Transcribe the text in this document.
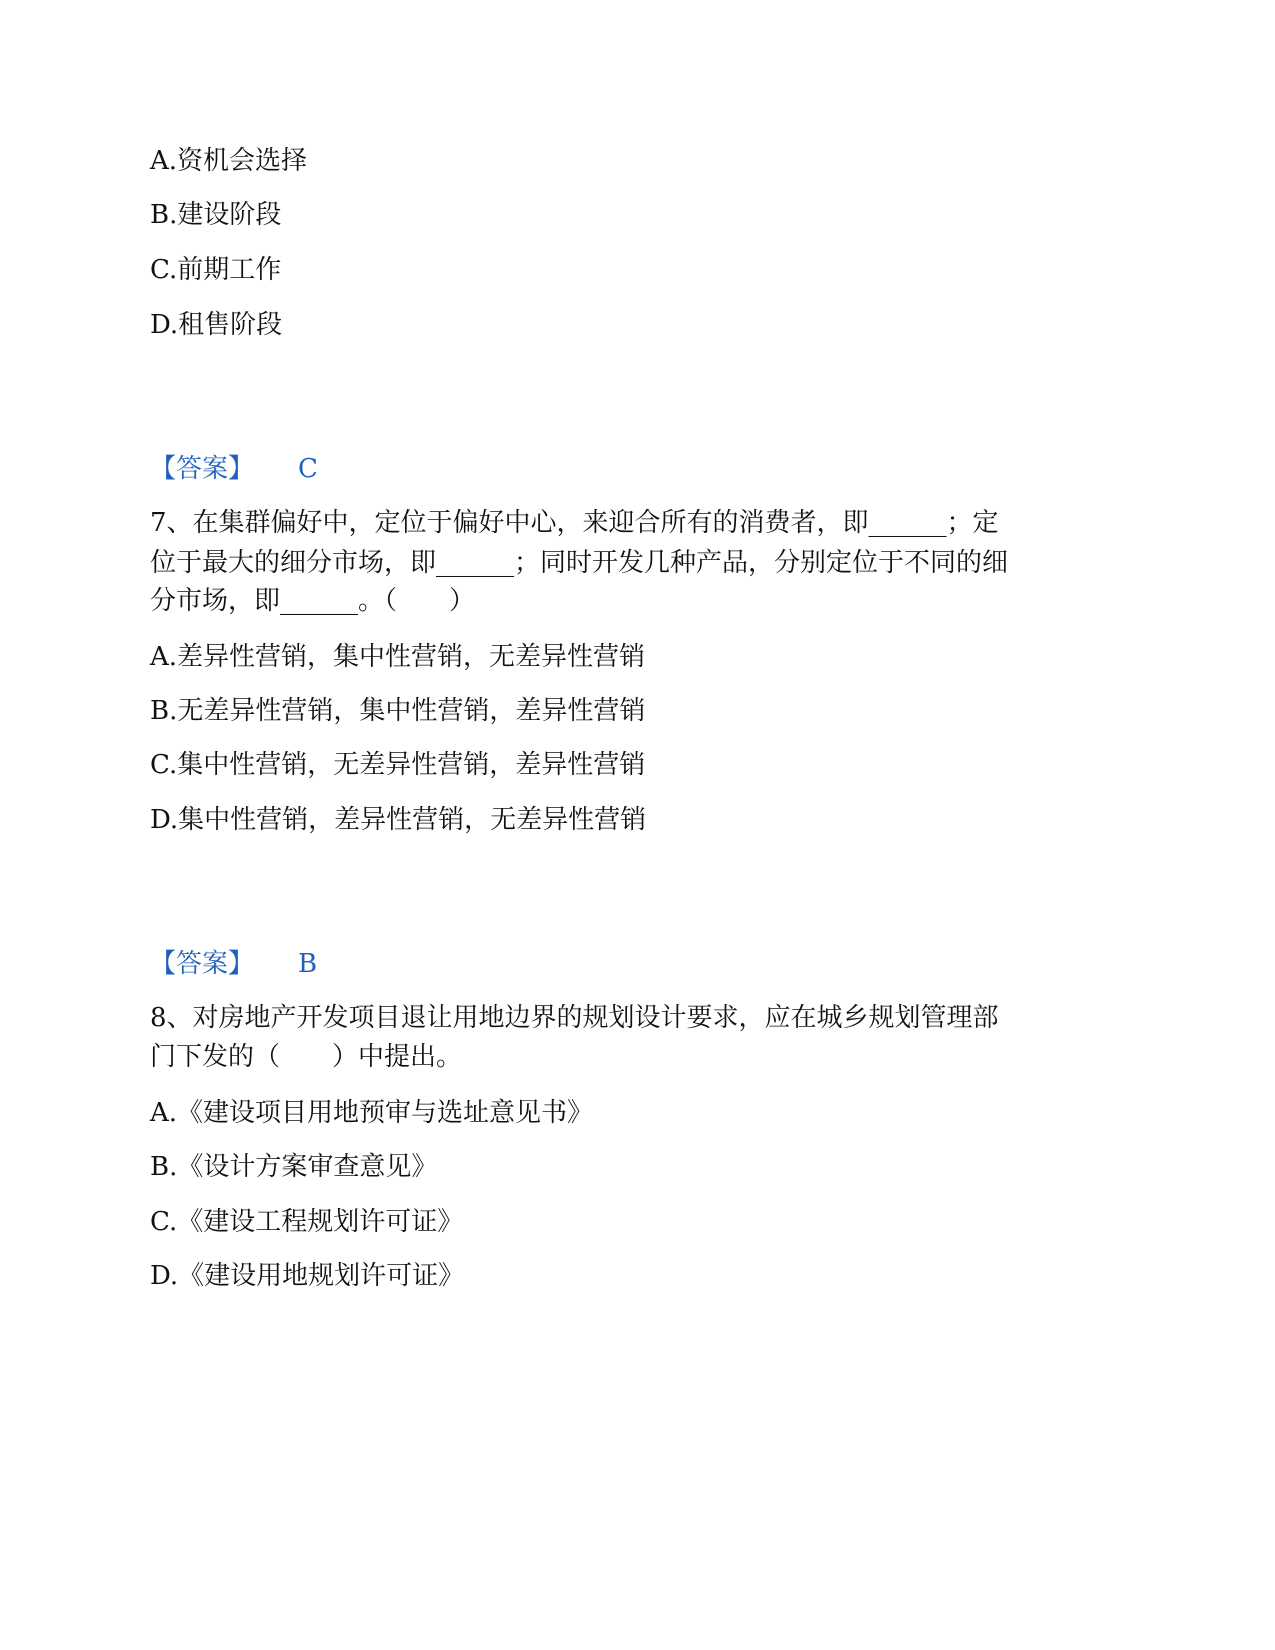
A.资机会选择
B.建设阶段
C.前期工作
D.租售阶段
【答案】 C
7、在集群偏好中，定位于偏好中心，来迎合所有的消费者，即______；定
位于最大的细分市场，即______；同时开发几种产品，分别定位于不同的细
分市场，即______。（　　）
A.差异性营销，集中性营销，无差异性营销
B.无差异性营销，集中性营销，差异性营销
C.集中性营销，无差异性营销，差异性营销
D.集中性营销，差异性营销，无差异性营销
【答案】 B
8、对房地产开发项目退让用地边界的规划设计要求，应在城乡规划管理部
门下发的（　　）中提出。
A.《建设项目用地预审与选址意见书》
B.《设计方案审查意见》
C.《建设工程规划许可证》
D.《建设用地规划许可证》
